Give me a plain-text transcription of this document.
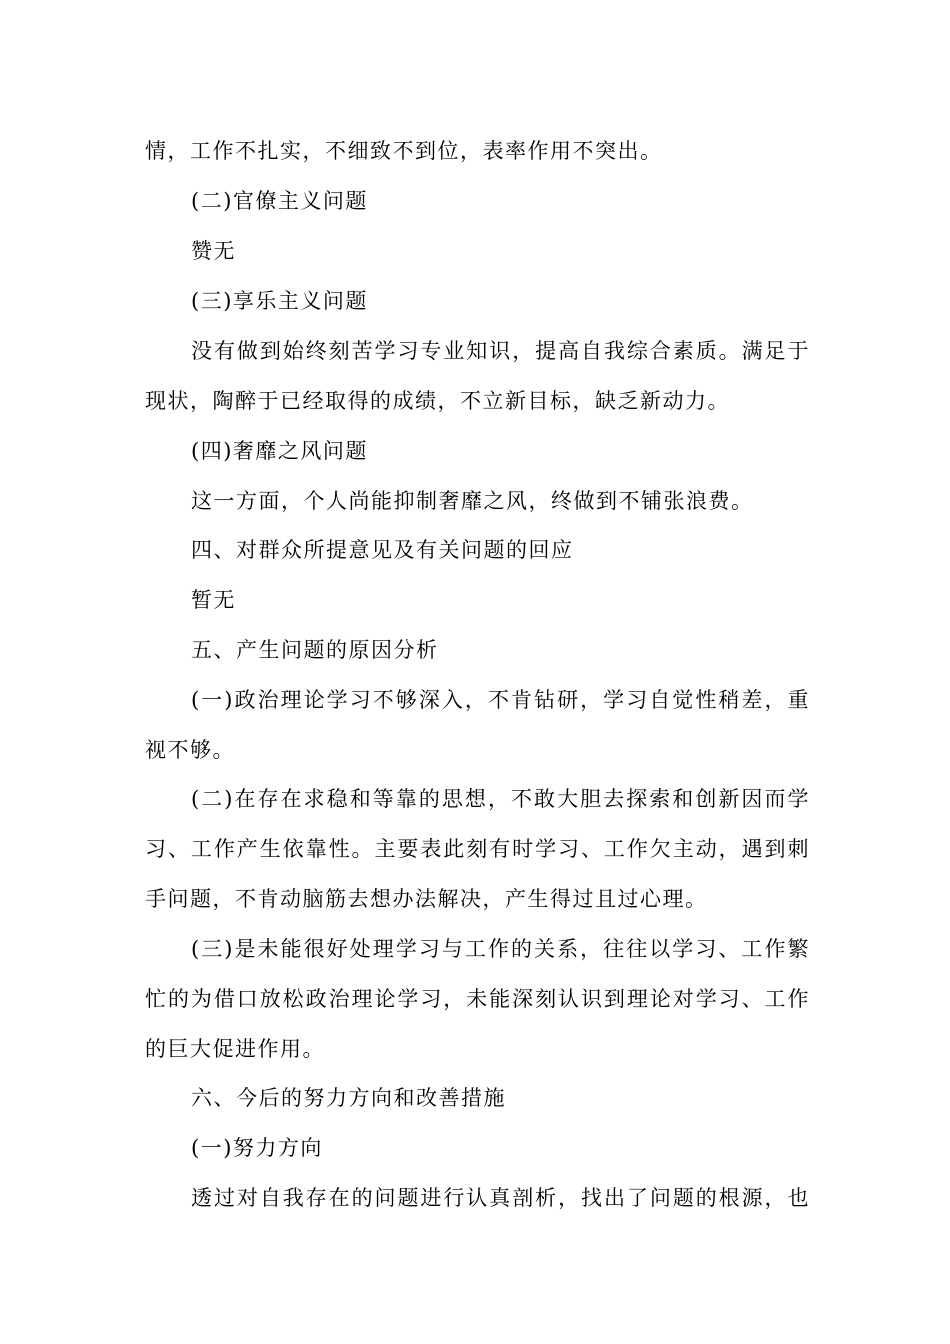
情，工作不扎实，不细致不到位，表率作用不突出。
(二)官僚主义问题
赞无
(三)享乐主义问题
没有做到始终刻苦学习专业知识，提高自我综合素质。满足于
现状，陶醉于已经取得的成绩，不立新目标，缺乏新动力。
(四)奢靡之风问题
这一方面，个人尚能抑制奢靡之风，终做到不铺张浪费。
四、对群众所提意见及有关问题的回应
暂无
五、产生问题的原因分析
(一)政治理论学习不够深入，不肯钻研，学习自觉性稍差，重
视不够。
(二)在存在求稳和等靠的思想，不敢大胆去探索和创新因而学
习、工作产生依靠性。主要表此刻有时学习、工作欠主动，遇到刺
手问题，不肯动脑筋去想办法解决，产生得过且过心理。
(三)是未能很好处理学习与工作的关系，往往以学习、工作繁
忙的为借口放松政治理论学习，未能深刻认识到理论对学习、工作
的巨大促进作用。
六、今后的努力方向和改善措施
(一)努力方向
透过对自我存在的问题进行认真剖析，找出了问题的根源，也
